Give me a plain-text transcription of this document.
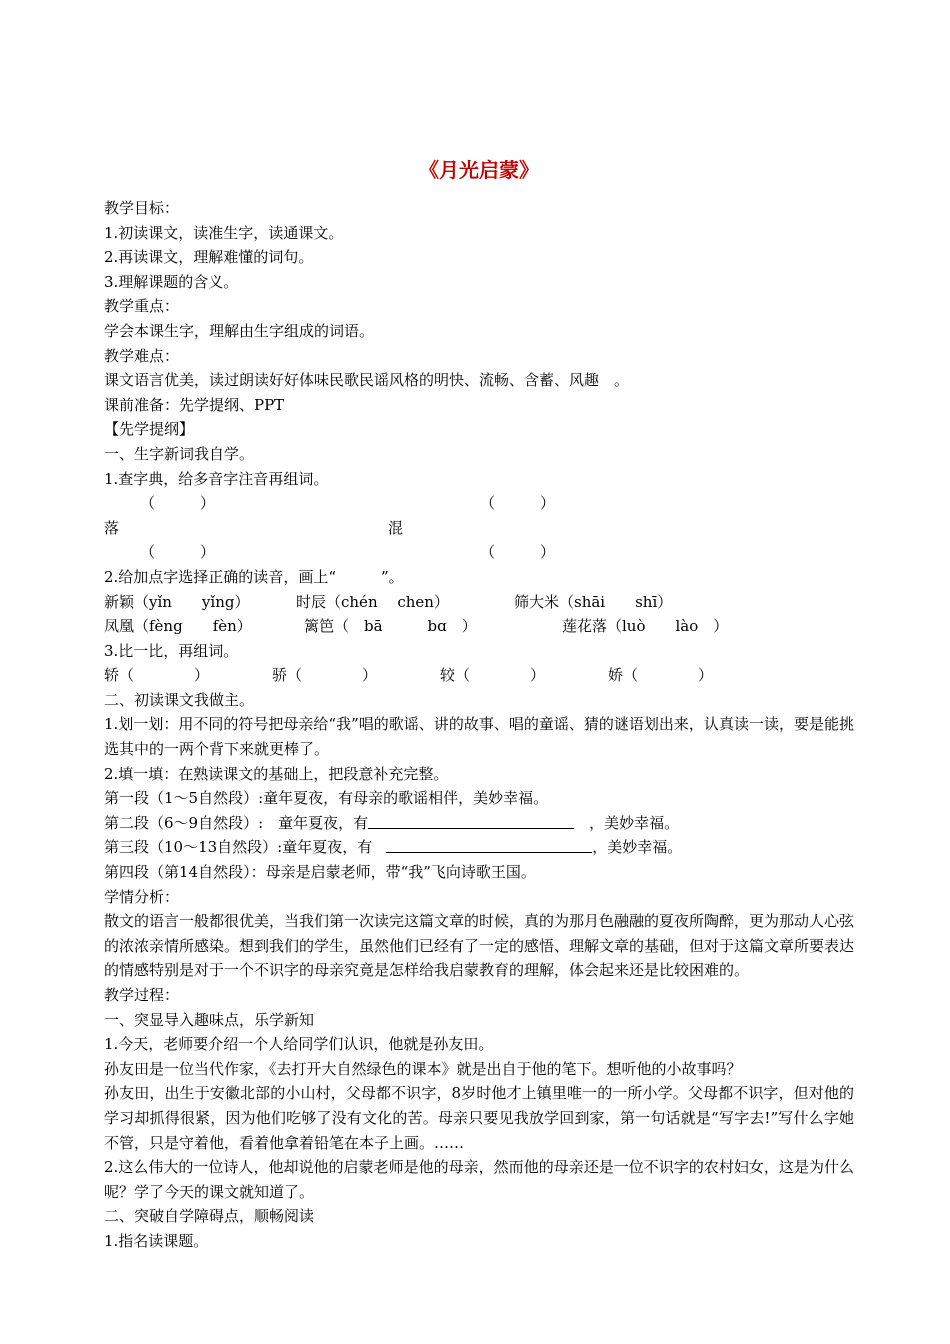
《月光启蒙》
教学目标：
1.初读课文，读准生字，读通课文。
2.再读课文，理解难懂的词句。
3.理解课题的含义。
教学重点：
学会本课生字，理解由生字组成的词语。
教学难点：
课文语言优美，读过朗读好好体味民歌民谣风格的明快、流畅、含蓄、风趣　。
课前准备：先学提纲、PPT
【先学提纲】
一、生字新词我自学。
1.查字典，给多音字注音再组词。
（　　　）	（　　　）
落	混
（　　　）	（　　　）
2.给加点字选择正确的读音，画上“　　　”。
新颖（yǐn　　yǐng）	时辰（chén　 chen）	筛大米（shāi　　shī）
凤凰（fèng　　fèn）	篱笆（　bā　　　bɑ　）	莲花落（luò　　lào　）
3.比一比，再组词。
轿（　　　　）	骄（　　　　）	较（　　　　）	娇（　　　　）
二、初读课文我做主。
1.划一划：用不同的符号把母亲给“我”唱的歌谣、讲的故事、唱的童谣、猜的谜语划出来，认真读一读，要是能挑选其中的一两个背下来就更棒了。
2.填一填：在熟读课文的基础上，把段意补充完整。
第一段（1～5自然段）:童年夏夜，有母亲的歌谣相伴，美妙幸福。
第二段（6～9自然段）:　童年夏夜，有	　，美妙幸福。
第三段（10～13自然段）:童年夏夜，有	，美妙幸福。
第四段（第14自然段）：母亲是启蒙老师，带“我”飞向诗歌王国。
学情分析：
散文的语言一般都很优美，当我们第一次读完这篇文章的时候，真的为那月色融融的夏夜所陶醉，更为那动人心弦的浓浓亲情所感染。想到我们的学生，虽然他们已经有了一定的感悟、理解文章的基础，但对于这篇文章所要表达的情感特别是对于一个不识字的母亲究竟是怎样给我启蒙教育的理解，体会起来还是比较困难的。
教学过程：
一、突显导入趣味点，乐学新知
1.今天，老师要介绍一个人给同学们认识，他就是孙友田。
孙友田是一位当代作家，《去打开大自然绿色的课本》就是出自于他的笔下。想听他的小故事吗？
孙友田，出生于安徽北部的小山村，父母都不识字，8岁时他才上镇里唯一的一所小学。父母都不识字，但对他的学习却抓得很紧，因为他们吃够了没有文化的苦。母亲只要见我放学回到家，第一句话就是“写字去!”写什么字她不管，只是守着他，看着他拿着铅笔在本子上画。……
2.这么伟大的一位诗人，他却说他的启蒙老师是他的母亲，然而他的母亲还是一位不识字的农村妇女，这是为什么呢？学了今天的课文就知道了。
二、突破自学障碍点，顺畅阅读
1.指名读课题。
